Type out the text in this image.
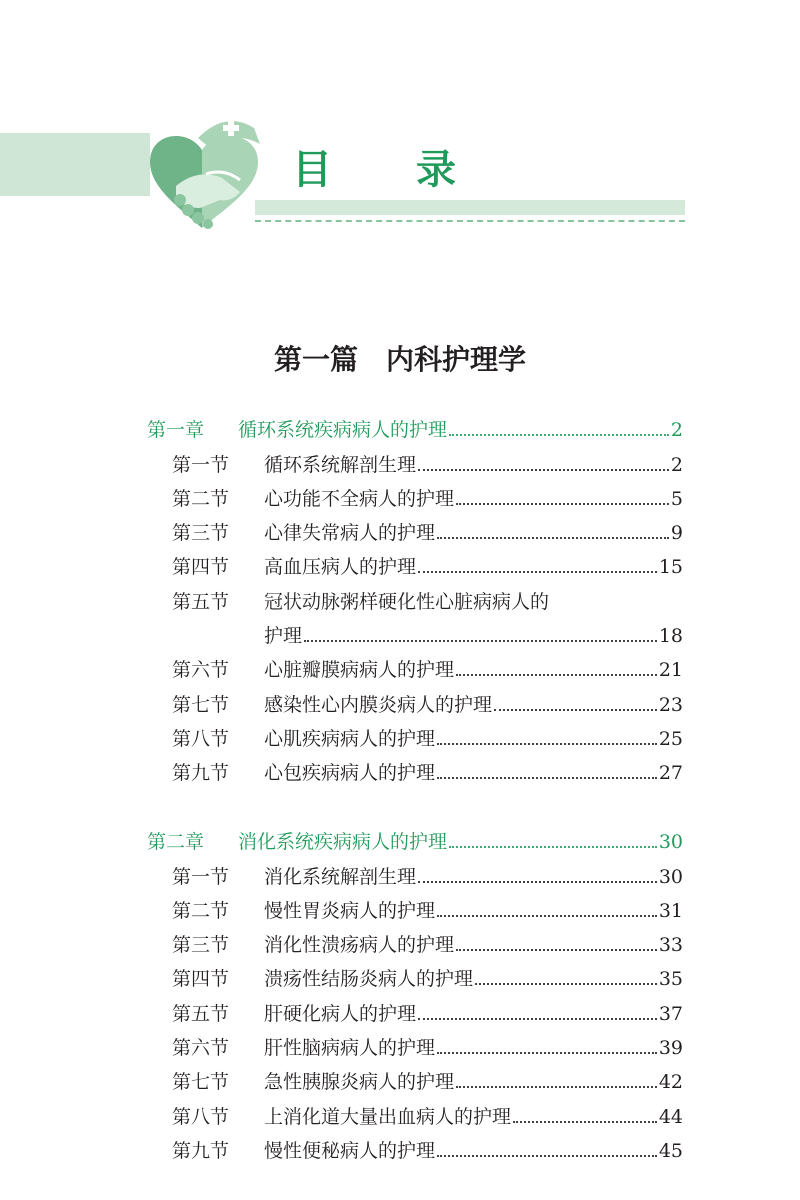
目 录
第一篇　内科护理学
第一章	循环系统疾病病人的护理	2
第一节	循环系统解剖生理	2
第二节	心功能不全病人的护理	5
第三节	心律失常病人的护理	9
第四节	高血压病人的护理	15
第五节	冠状动脉粥样硬化性心脏病病人的
护理	18
第六节	心脏瓣膜病病人的护理	21
第七节	感染性心内膜炎病人的护理	23
第八节	心肌疾病病人的护理	25
第九节	心包疾病病人的护理	27
第二章	消化系统疾病病人的护理	30
第一节	消化系统解剖生理	30
第二节	慢性胃炎病人的护理	31
第三节	消化性溃疡病人的护理	33
第四节	溃疡性结肠炎病人的护理	35
第五节	肝硬化病人的护理	37
第六节	肝性脑病病人的护理	39
第七节	急性胰腺炎病人的护理	42
第八节	上消化道大量出血病人的护理	44
第九节	慢性便秘病人的护理	45
